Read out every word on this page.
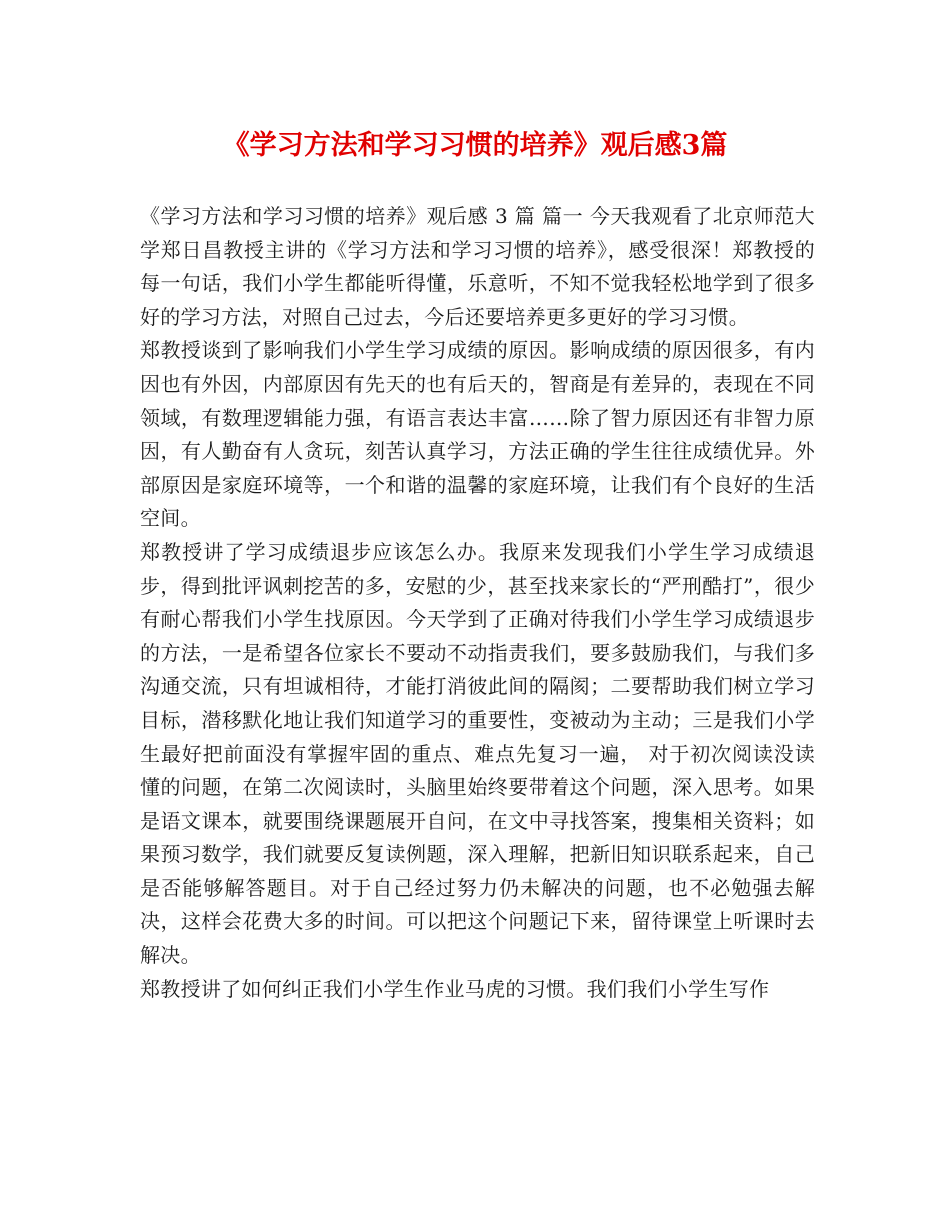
《学习方法和学习习惯的培养》观后感3篇

《学习方法和学习习惯的培养》观后感 3 篇 篇一 今天我观看了北京师范大学郑日昌教授主讲的《学习方法和学习习惯的培养》，感受很深！郑教授的每一句话，我们小学生都能听得懂，乐意听，不知不觉我轻松地学到了很多好的学习方法，对照自己过去，今后还要培养更多更好的学习习惯。

郑教授谈到了影响我们小学生学习成绩的原因。影响成绩的原因很多，有内因也有外因，内部原因有先天的也有后天的，智商是有差异的，表现在不同领域，有数理逻辑能力强，有语言表达丰富……除了智力原因还有非智力原因，有人勤奋有人贪玩，刻苦认真学习，方法正确的学生往往成绩优异。外部原因是家庭环境等，一个和谐的温馨的家庭环境，让我们有个良好的生活空间。

郑教授讲了学习成绩退步应该怎么办。我原来发现我们小学生学习成绩退步，得到批评讽刺挖苦的多，安慰的少，甚至找来家长的“严刑酷打”，很少有耐心帮我们小学生找原因。今天学到了正确对待我们小学生学习成绩退步的方法，一是希望各位家长不要动不动指责我们，要多鼓励我们，与我们多沟通交流，只有坦诚相待，才能打消彼此间的隔阂；二要帮助我们树立学习目标，潜移默化地让我们知道学习的重要性，变被动为主动；三是我们小学生最好把前面没有掌握牢固的重点、难点先复习一遍， 对于初次阅读没读懂的问题，在第二次阅读时，头脑里始终要带着这个问题，深入思考。如果是语文课本，就要围绕课题展开自问，在文中寻找答案，搜集相关资料；如果预习数学，我们就要反复读例题，深入理解，把新旧知识联系起来，自己是否能够解答题目。对于自己经过努力仍未解决的问题，也不必勉强去解决，这样会花费大多的时间。可以把这个问题记下来，留待课堂上听课时去解决。

郑教授讲了如何纠正我们小学生作业马虎的习惯。我们我们小学生写作
